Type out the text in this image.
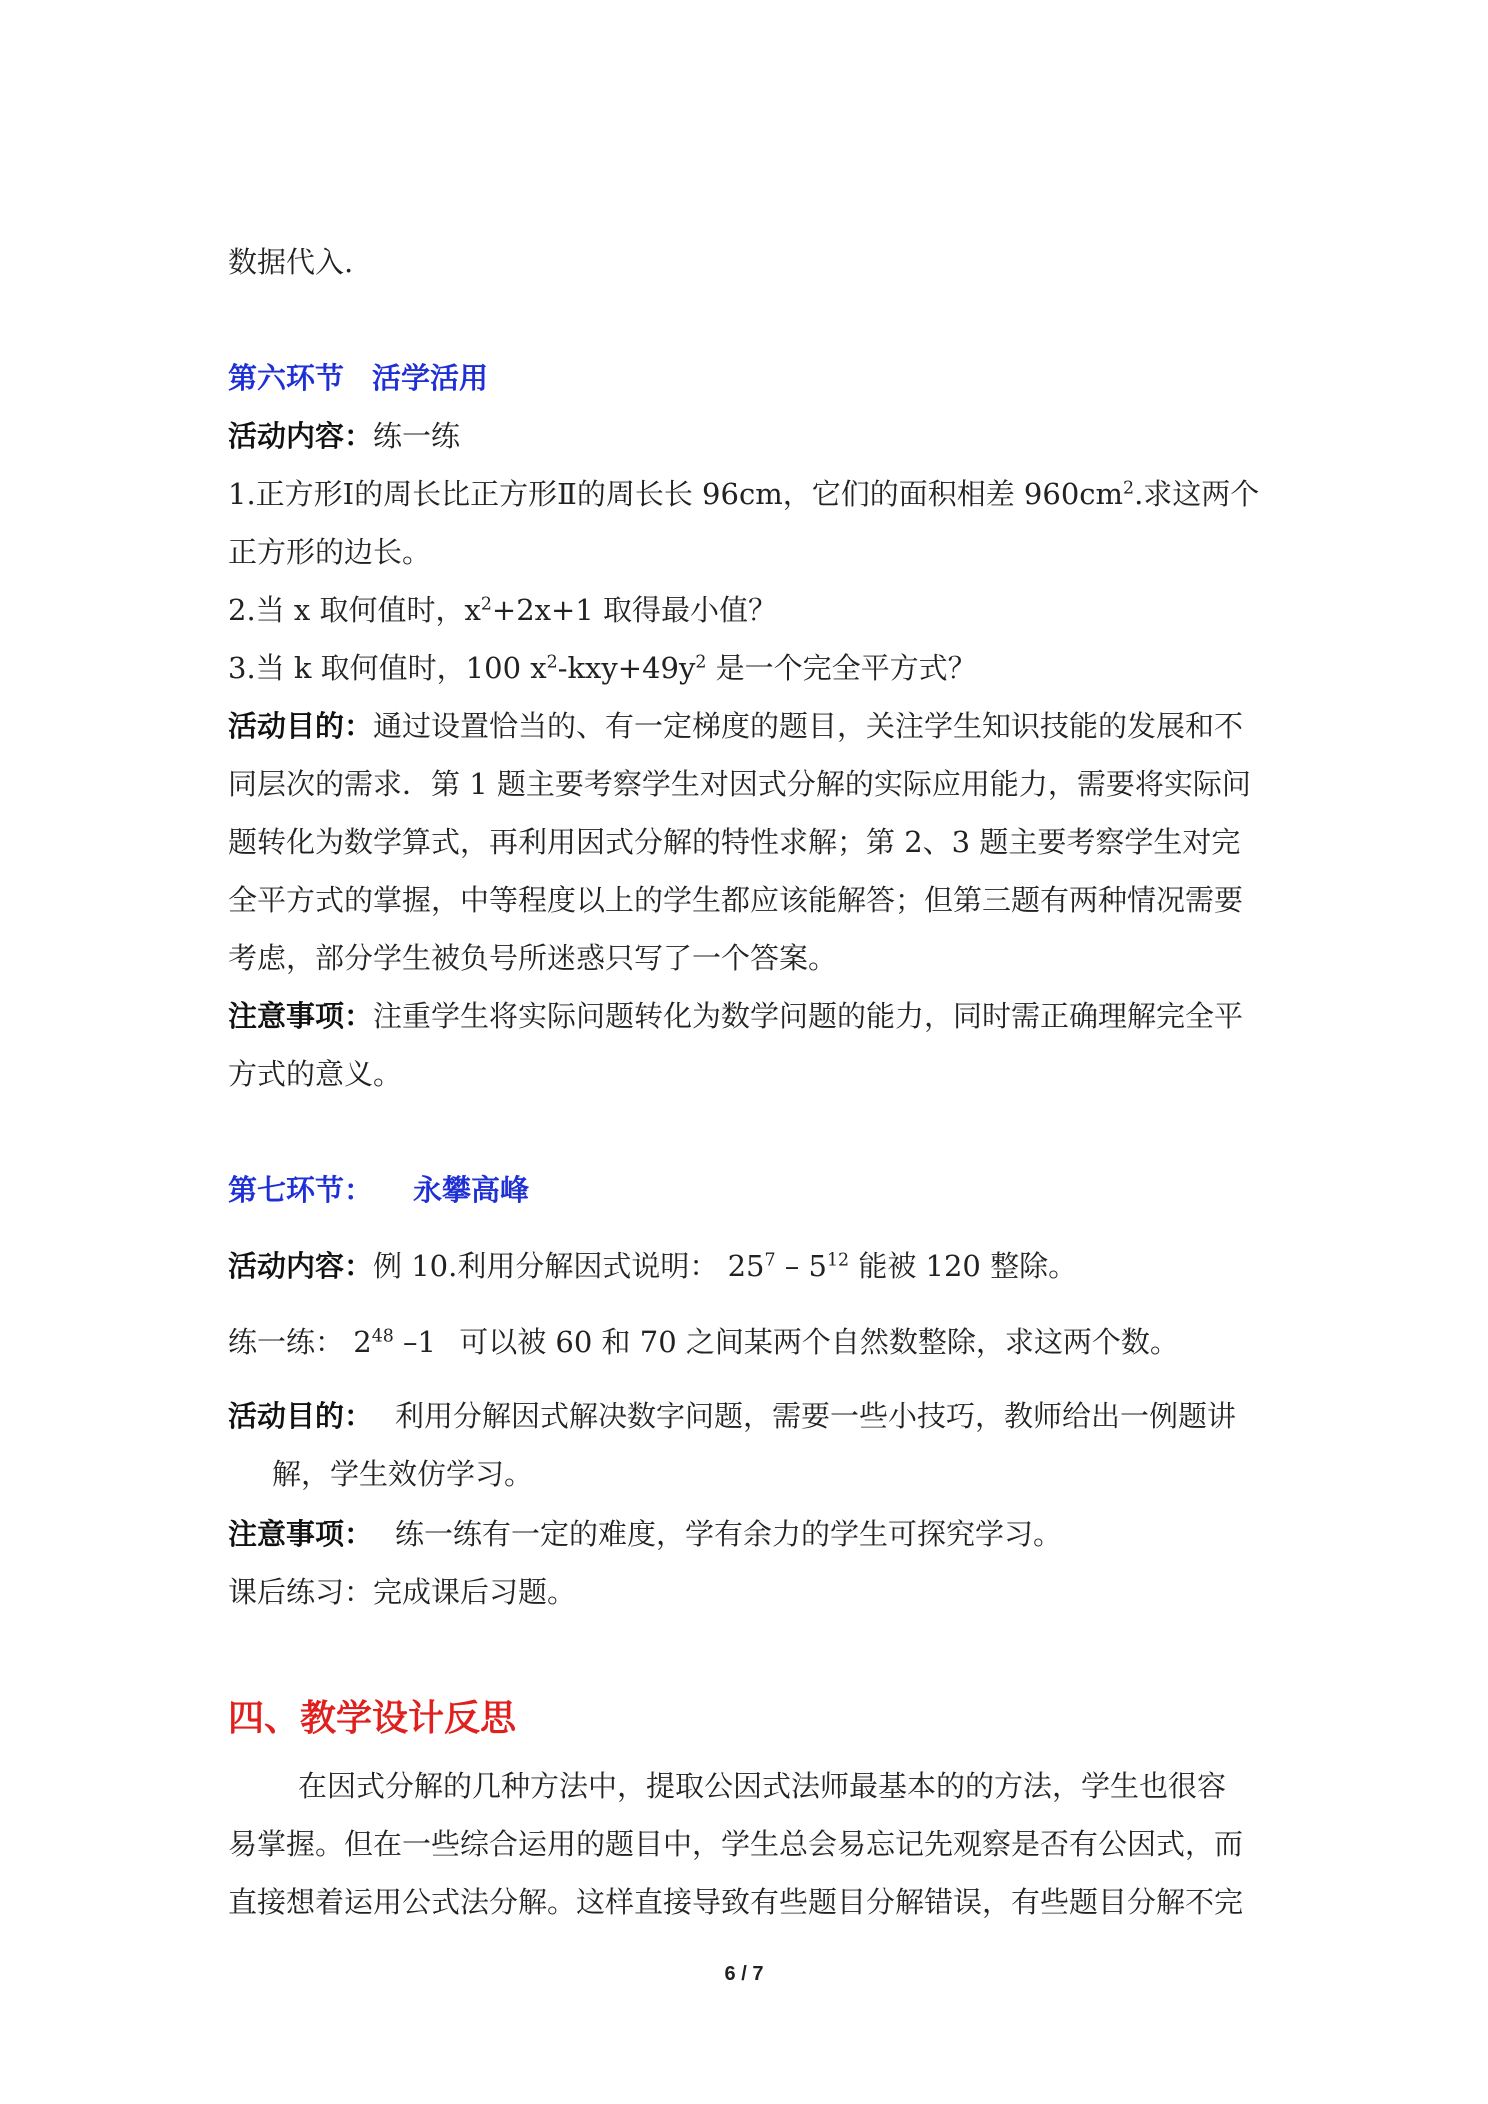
数据代入.
第六环节 活学活用
活动内容：练一练
1.正方形Ⅰ的周长比正方形Ⅱ的周长长 96cm，它们的面积相差 $960cm^2$.求这两个
正方形的边长。
2.当 x 取何值时，$x^2+2x+1$ 取得最小值？
3.当 k 取何值时，100 $x^2-kxy+49y^2$ 是一个完全平方式？
活动目的：通过设置恰当的、有一定梯度的题目，关注学生知识技能的发展和不
同层次的需求．第 1 题主要考察学生对因式分解的实际应用能力，需要将实际问
题转化为数学算式，再利用因式分解的特性求解；第 2、3 题主要考察学生对完
全平方式的掌握，中等程度以上的学生都应该能解答；但第三题有两种情况需要
考虑，部分学生被负号所迷惑只写了一个答案。
注意事项：注重学生将实际问题转化为数学问题的能力，同时需正确理解完全平
方式的意义。
第七环节： 永攀高峰
活动内容：例 10.利用分解因式说明： $25^7 - 5^{12}$ 能被 120 整除。
练一练： $2^{48}$ –1 可以被 60 和 70 之间某两个自然数整除，求这两个数。
活动目的： 利用分解因式解决数字问题，需要一些小技巧，教师给出一例题讲
解，学生效仿学习。
注意事项： 练一练有一定的难度，学有余力的学生可探究学习。
课后练习：完成课后习题。
四、教学设计反思
在因式分解的几种方法中，提取公因式法师最基本的的方法，学生也很容
易掌握。但在一些综合运用的题目中，学生总会易忘记先观察是否有公因式，而
直接想着运用公式法分解。这样直接导致有些题目分解错误，有些题目分解不完
6 / 7
